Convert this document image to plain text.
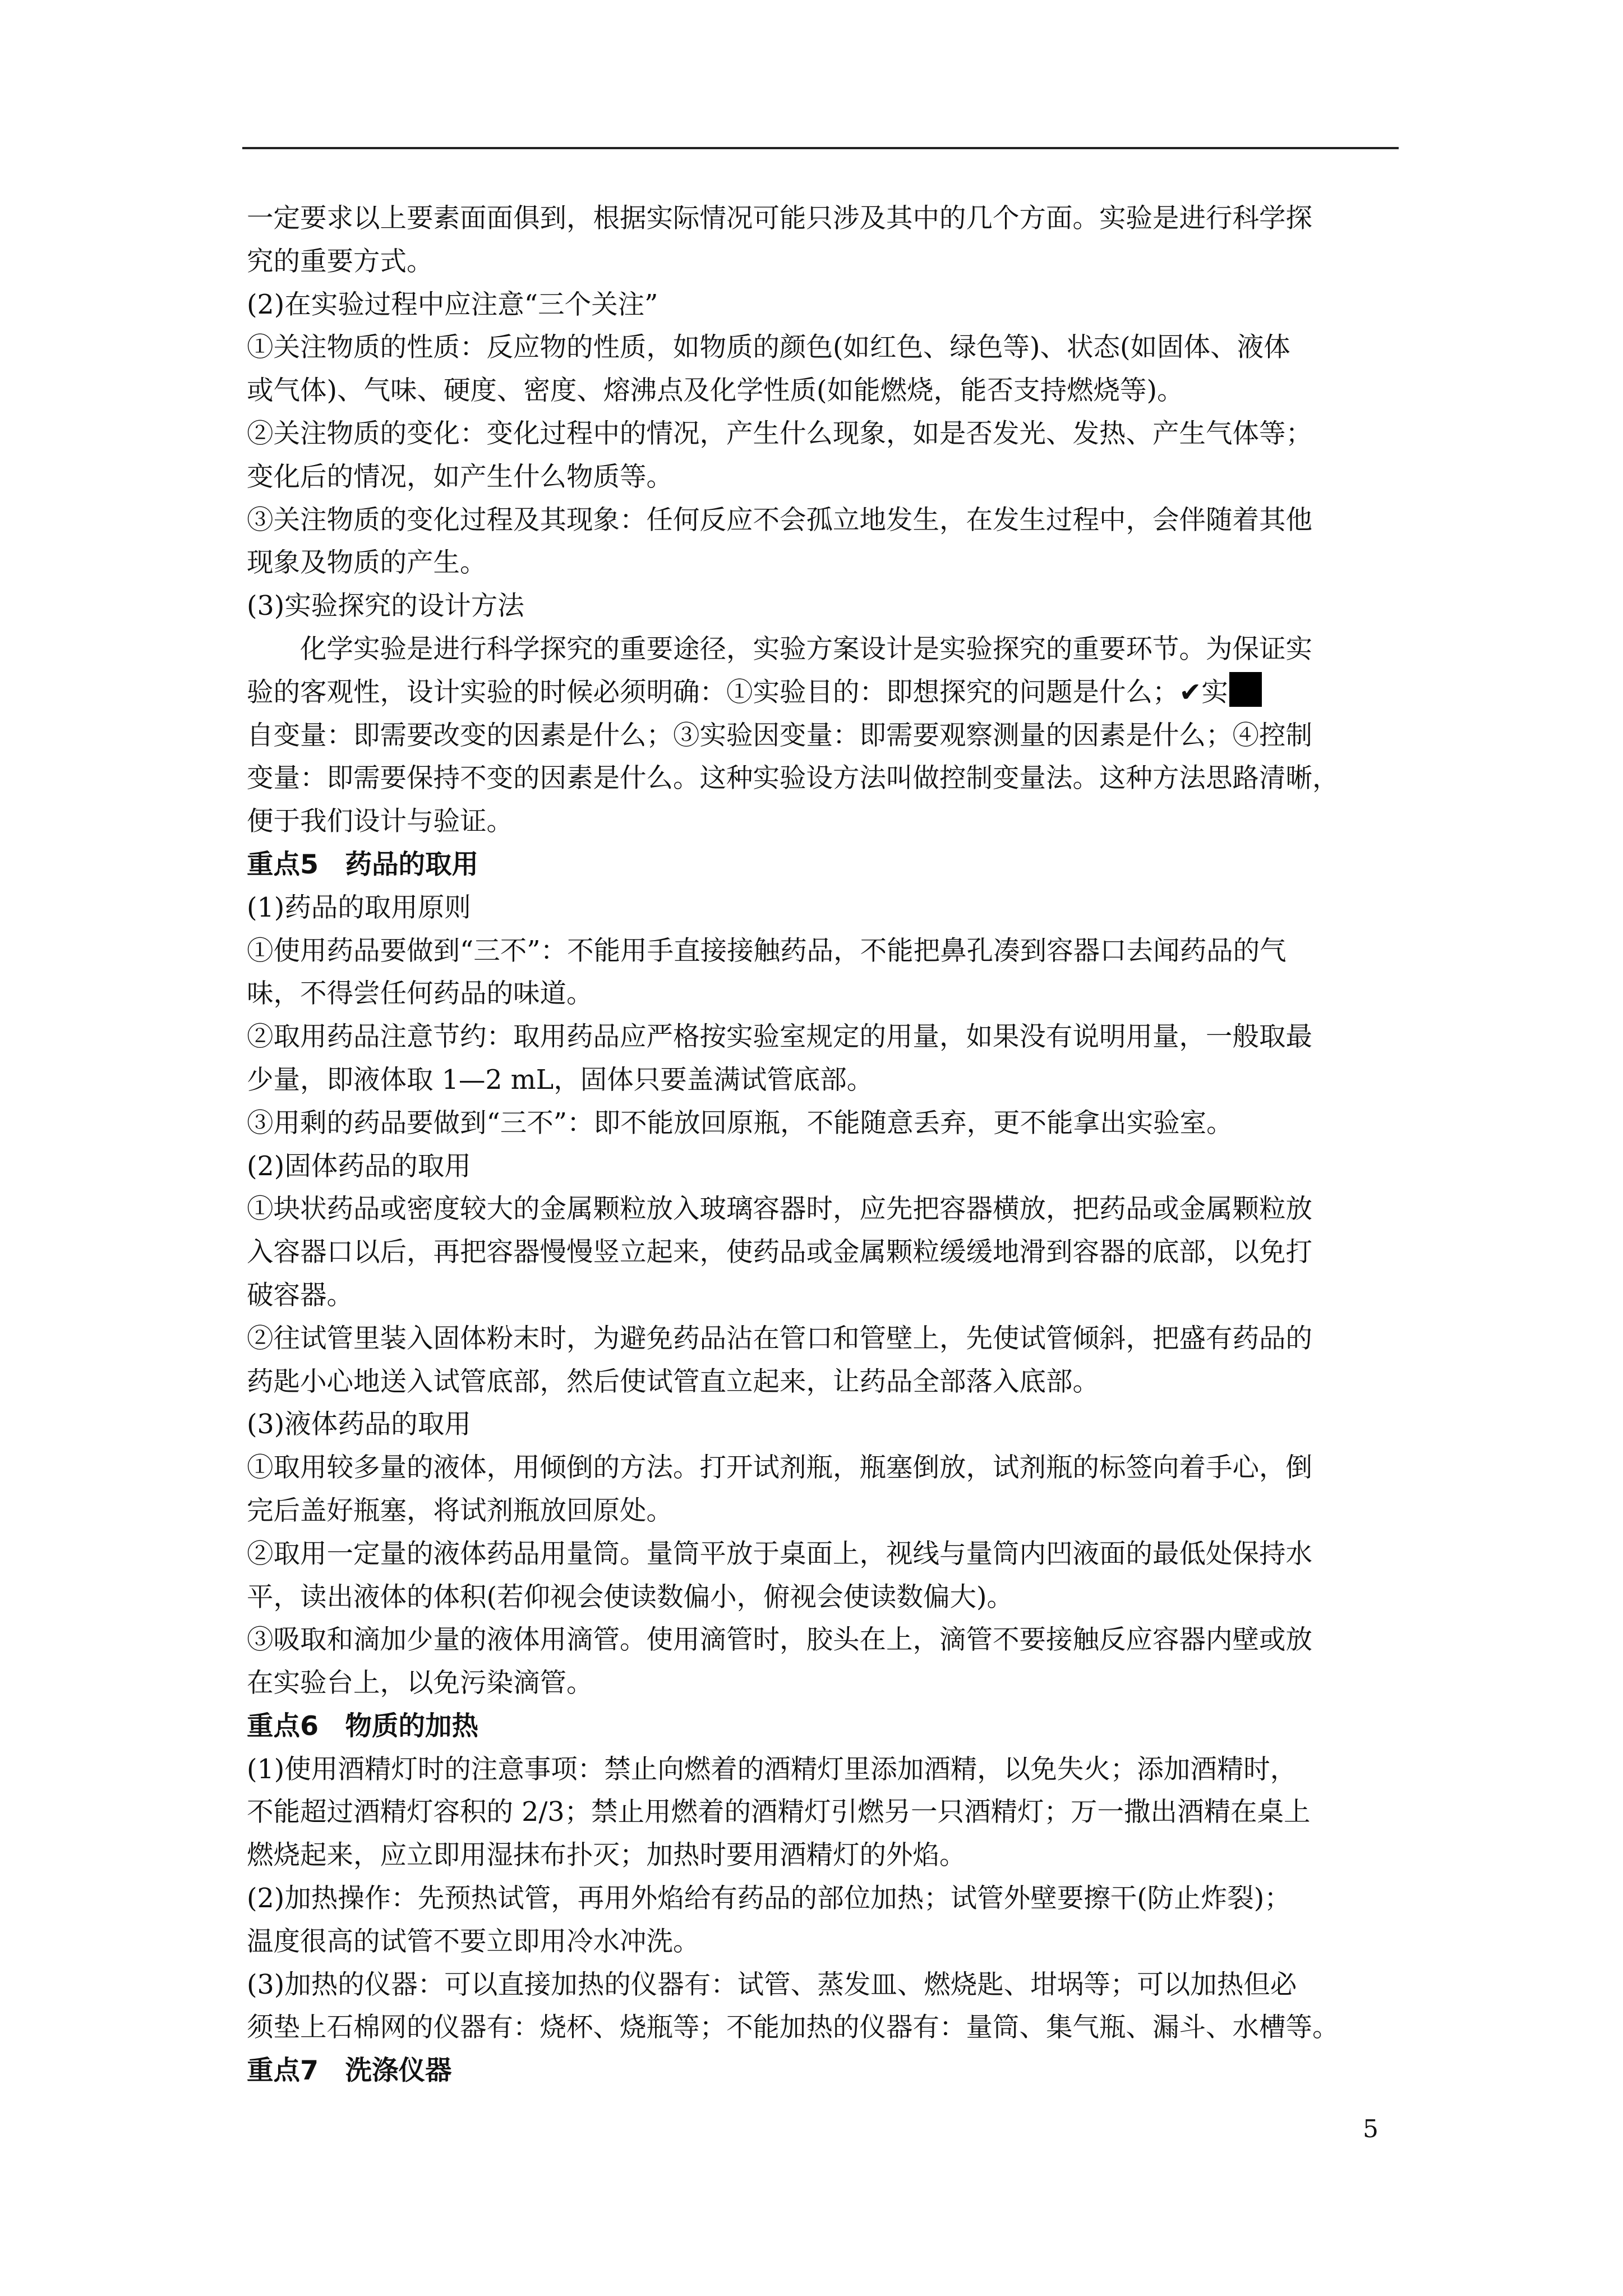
一定要求以上要素面面俱到，根据实际情况可能只涉及其中的几个方面。实验是进行科学探

究的重要方式。

(2)在实验过程中应注意“三个关注”

①关注物质的性质：反应物的性质，如物质的颜色(如红色、绿色等)、状态(如固体、液体

或气体)、气味、硬度、密度、熔沸点及化学性质(如能燃烧，能否支持燃烧等)。

②关注物质的变化：变化过程中的情况，产生什么现象，如是否发光、发热、产生气体等；

变化后的情况，如产生什么物质等。

③关注物质的变化过程及其现象：任何反应不会孤立地发生，在发生过程中，会伴随着其他

现象及物质的产生。

(3)实验探究的设计方法

化学实验是进行科学探究的重要途径，实验方案设计是实验探究的重要环节。为保证实

验的客观性，设计实验的时候必须明确：①实验目的：即想探究的问题是什么；✔实

自变量：即需要改变的因素是什么；③实验因变量：即需要观察测量的因素是什么；④控制

变量：即需要保持不变的因素是什么。这种实验设方法叫做控制变量法。这种方法思路清晰，

便于我们设计与验证。

重点5　药品的取用

(1)药品的取用原则

①使用药品要做到“三不”：不能用手直接接触药品，不能把鼻孔凑到容器口去闻药品的气

味，不得尝任何药品的味道。

②取用药品注意节约：取用药品应严格按实验室规定的用量，如果没有说明用量，一般取最

少量，即液体取 1—2 mL，固体只要盖满试管底部。

③用剩的药品要做到“三不”：即不能放回原瓶，不能随意丢弃，更不能拿出实验室。

(2)固体药品的取用

①块状药品或密度较大的金属颗粒放入玻璃容器时，应先把容器横放，把药品或金属颗粒放

入容器口以后，再把容器慢慢竖立起来，使药品或金属颗粒缓缓地滑到容器的底部，以免打

破容器。

②往试管里装入固体粉末时，为避免药品沾在管口和管壁上，先使试管倾斜，把盛有药品的

药匙小心地送入试管底部，然后使试管直立起来，让药品全部落入底部。

(3)液体药品的取用

①取用较多量的液体，用倾倒的方法。打开试剂瓶，瓶塞倒放，试剂瓶的标签向着手心，倒

完后盖好瓶塞，将试剂瓶放回原处。

②取用一定量的液体药品用量筒。量筒平放于桌面上，视线与量筒内凹液面的最低处保持水

平，读出液体的体积(若仰视会使读数偏小，俯视会使读数偏大)。

③吸取和滴加少量的液体用滴管。使用滴管时，胶头在上，滴管不要接触反应容器内壁或放

在实验台上，以免污染滴管。

重点6　物质的加热

(1)使用酒精灯时的注意事项：禁止向燃着的酒精灯里添加酒精，以免失火；添加酒精时，

不能超过酒精灯容积的 2/3；禁止用燃着的酒精灯引燃另一只酒精灯；万一撒出酒精在桌上

燃烧起来，应立即用湿抹布扑灭；加热时要用酒精灯的外焰。

(2)加热操作：先预热试管，再用外焰给有药品的部位加热；试管外壁要擦干(防止炸裂)；

温度很高的试管不要立即用冷水冲洗。

(3)加热的仪器：可以直接加热的仪器有：试管、蒸发皿、燃烧匙、坩埚等；可以加热但必

须垫上石棉网的仪器有：烧杯、烧瓶等；不能加热的仪器有：量筒、集气瓶、漏斗、水槽等。

重点7　洗涤仪器

5
